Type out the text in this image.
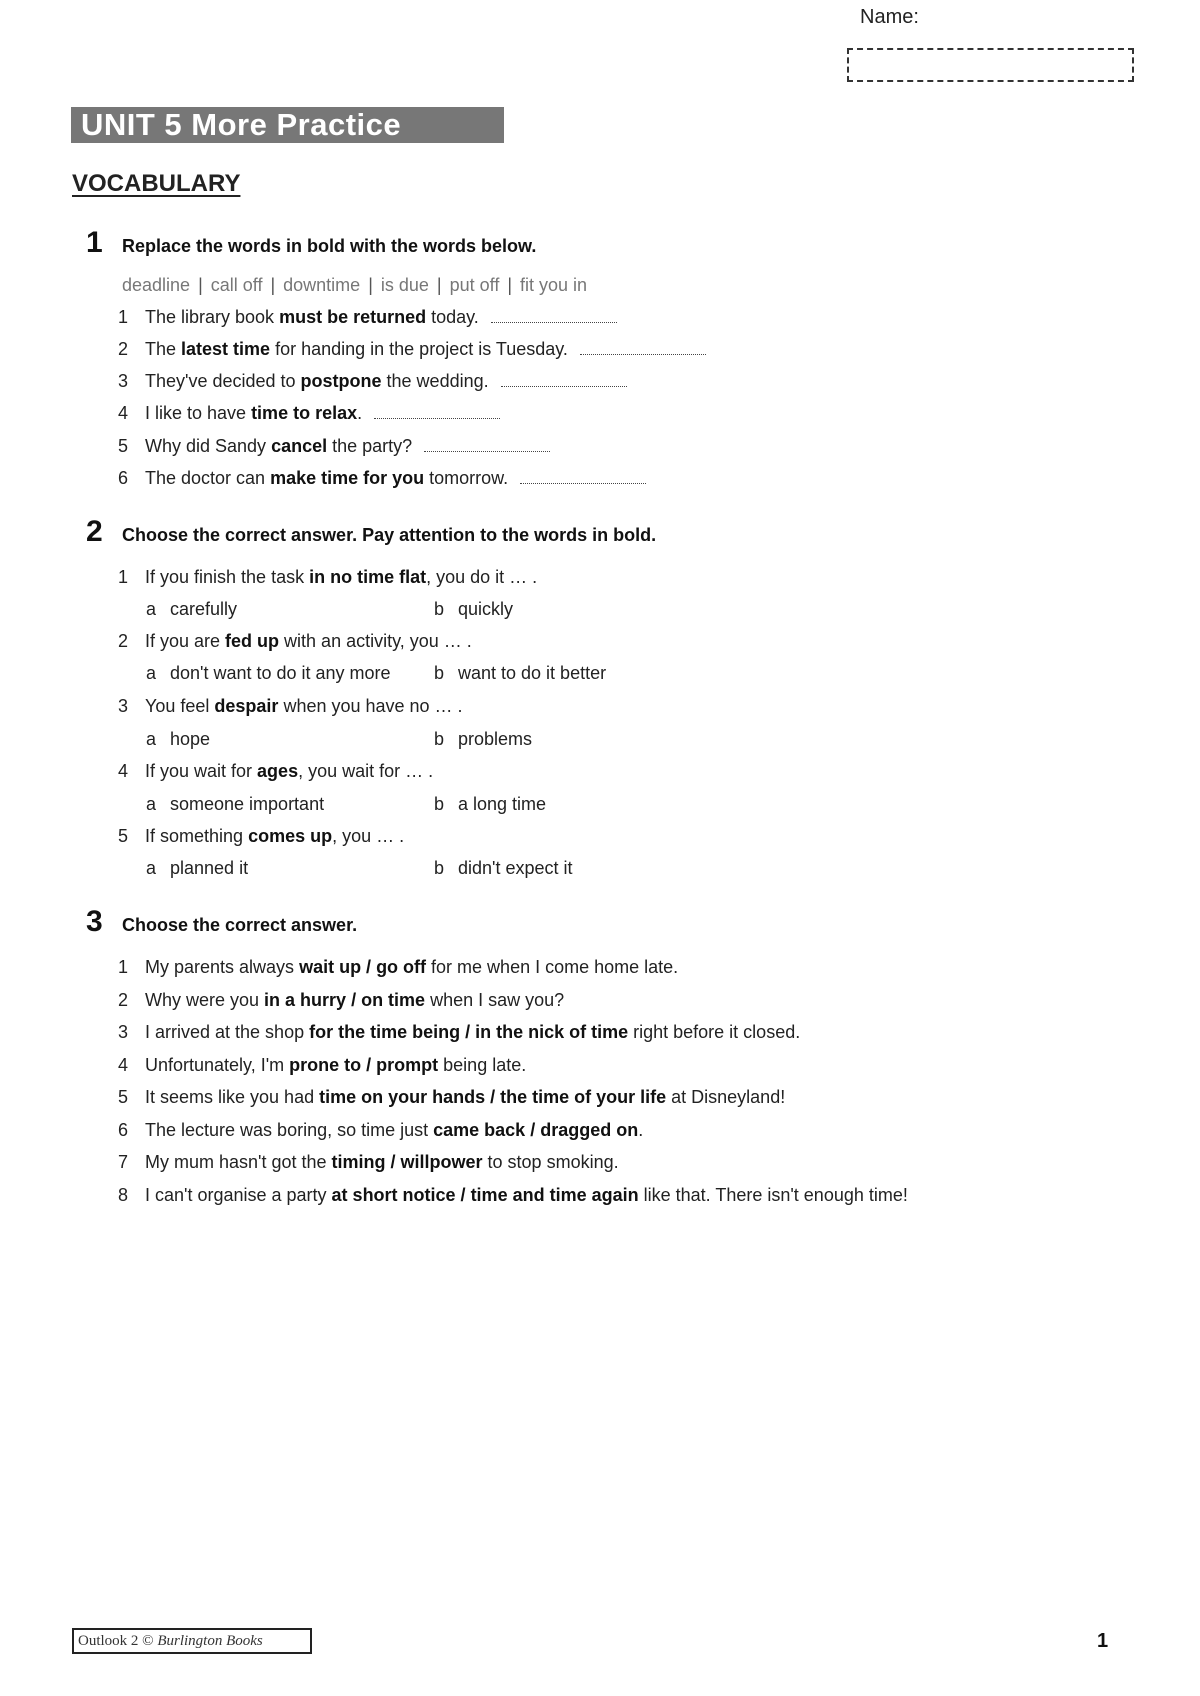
Name:
UNIT 5 More Practice
VOCABULARY
1 Replace the words in bold with the words below.
deadline | call off | downtime | is due | put off | fit you in
1 The library book must be returned today.
2 The latest time for handing in the project is Tuesday.
3 They've decided to postpone the wedding.
4 I like to have time to relax.
5 Why did Sandy cancel the party?
6 The doctor can make time for you tomorrow.
2 Choose the correct answer. Pay attention to the words in bold.
1 If you finish the task in no time flat, you do it … .
a carefully	b quickly
2 If you are fed up with an activity, you … .
a don't want to do it any more b want to do it better
3 You feel despair when you have no … .
a hope	b problems
4 If you wait for ages, you wait for … .
a someone important	b a long time
5 If something comes up, you … .
a planned it	b didn't expect it
3 Choose the correct answer.
1 My parents always wait up / go off for me when I come home late.
2 Why were you in a hurry / on time when I saw you?
3 I arrived at the shop for the time being / in the nick of time right before it closed.
4 Unfortunately, I'm prone to / prompt being late.
5 It seems like you had time on your hands / the time of your life at Disneyland!
6 The lecture was boring, so time just came back / dragged on.
7 My mum hasn't got the timing / willpower to stop smoking.
8 I can't organise a party at short notice / time and time again like that. There isn't enough time!
Outlook 2 © Burlington Books	1
